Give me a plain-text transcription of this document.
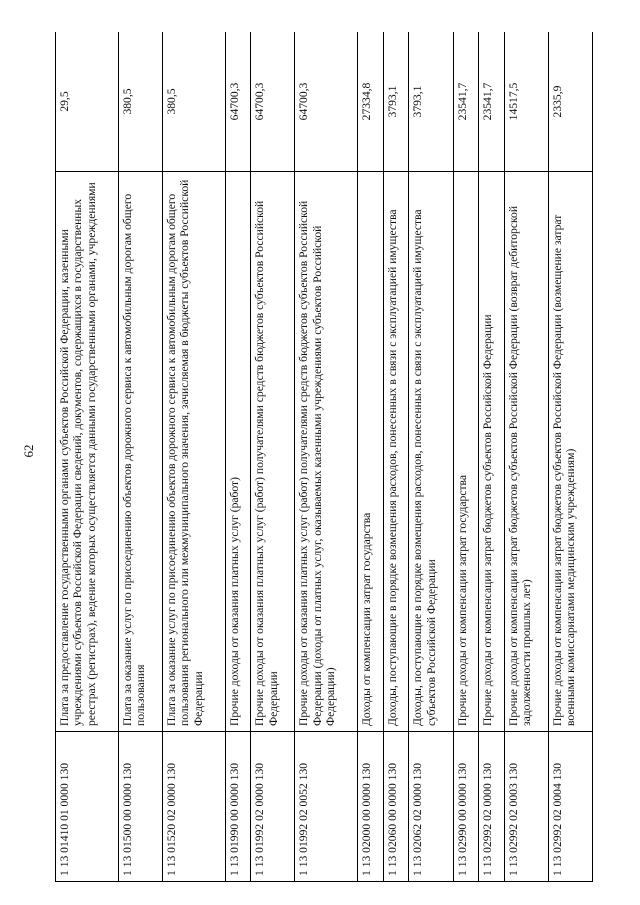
62
1 13 01410 01 0000 130	Плата за предоставление государственными органами субъектов Российской Федерации, казенными учреждениями субъектов Российской Федерации сведений, документов, содержащихся в государственных реестрах (регистрах), ведение которых осуществляется данными государственными органами, учреждениями	29,5
1 13 01500 00 0000 130	Плата за оказание услуг по присоединению объектов дорожного сервиса к автомобильным дорогам общего пользования	380,5
1 13 01520 02 0000 130	Плата за оказание услуг по присоединению объектов дорожного сервиса к автомобильным дорогам общего пользования регионального или межмуниципального значения, зачисляемая в бюджеты субъектов Российской Федерации	380,5
1 13 01990 00 0000 130	Прочие доходы от оказания платных услуг (работ)	64700,3
1 13 01992 02 0000 130	Прочие доходы от оказания платных услуг (работ) получателями средств бюджетов субъектов Российской Федерации	64700,3
1 13 01992 02 0052 130	Прочие доходы от оказания платных услуг (работ) получателями средств бюджетов субъектов Российской Федерации (доходы от платных услуг, оказываемых казенными учреждениями субъектов Российской Федерации)	64700,3
1 13 02000 00 0000 130	Доходы от компенсации затрат государства	27334,8
1 13 02060 00 0000 130	Доходы, поступающие в порядке возмещения расходов, понесенных в связи с эксплуатацией имущества	3793,1
1 13 02062 02 0000 130	Доходы, поступающие в порядке возмещения расходов, понесенных в связи с эксплуатацией имущества субъектов Российской Федерации	3793,1
1 13 02990 00 0000 130	Прочие доходы от компенсации затрат государства	23541,7
1 13 02992 02 0000 130	Прочие доходы от компенсации затрат бюджетов субъектов Российской Федерации	23541,7
1 13 02992 02 0003 130	Прочие доходы от компенсации затрат бюджетов субъектов Российской Федерации (возврат дебиторской задолженности прошлых лет)	14517,5
1 13 02992 02 0004 130	Прочие доходы от компенсации затрат бюджетов субъектов Российской Федерации (возмещение затрат военными комиссариатами медицинским учреждениям)	2335,9
